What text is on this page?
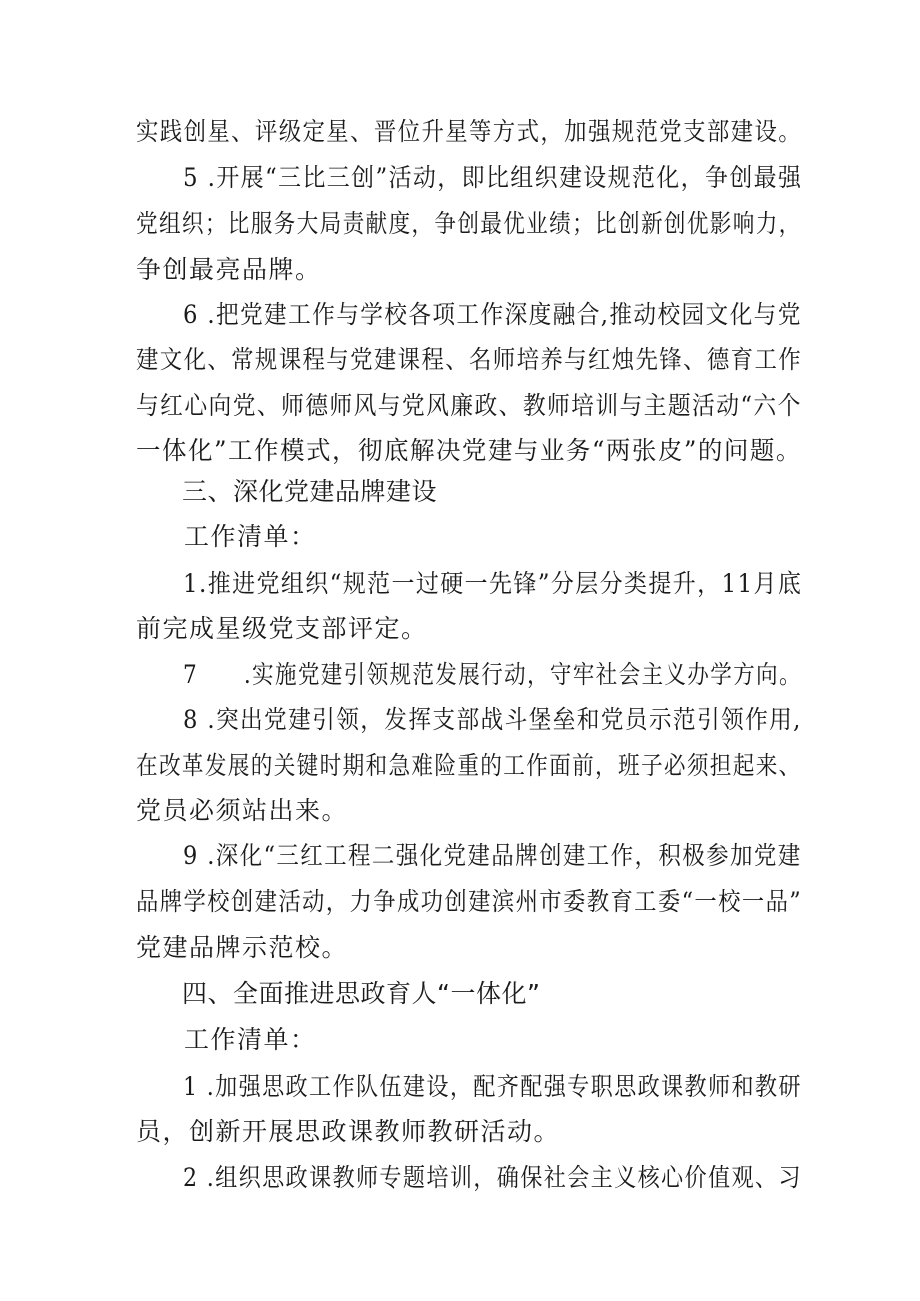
实践创星、评级定星、晋位升星等方式，加强规范党支部建设。
5 .开展“三比三创”活动，即比组织建设规范化，争创最强
党组织；比服务大局责献度，争创最优业绩；比创新创优影响力，
争创最亮品牌。
6 .把党建工作与学校各项工作深度融合,推动校园文化与党
建文化、常规课程与党建课程、名师培养与红烛先锋、德育工作
与红心向党、师德师风与党风廉政、教师培训与主题活动“六个
一体化”工作模式，彻底解决党建与业务“两张皮”的问题。
三、深化党建品牌建设
工作清单：
1.推进党组织“规范一过硬一先锋”分层分类提升，11月底
前完成星级党支部评定。
7　　.实施党建引领规范发展行动，守牢社会主义办学方向。
8 .突出党建引领，发挥支部战斗堡垒和党员示范引领作用,
在改革发展的关键时期和急难险重的工作面前，班子必须担起来、
党员必须站出来。
9 .深化“三红工程二强化党建品牌创建工作，积极参加党建
品牌学校创建活动，力争成功创建滨州市委教育工委“一校一品”
党建品牌示范校。
四、全面推进思政育人“一体化”
工作清单：
1 .加强思政工作队伍建设，配齐配强专职思政课教师和教研
员，创新开展思政课教师教研活动。
2 .组织思政课教师专题培训，确保社会主义核心价值观、习
